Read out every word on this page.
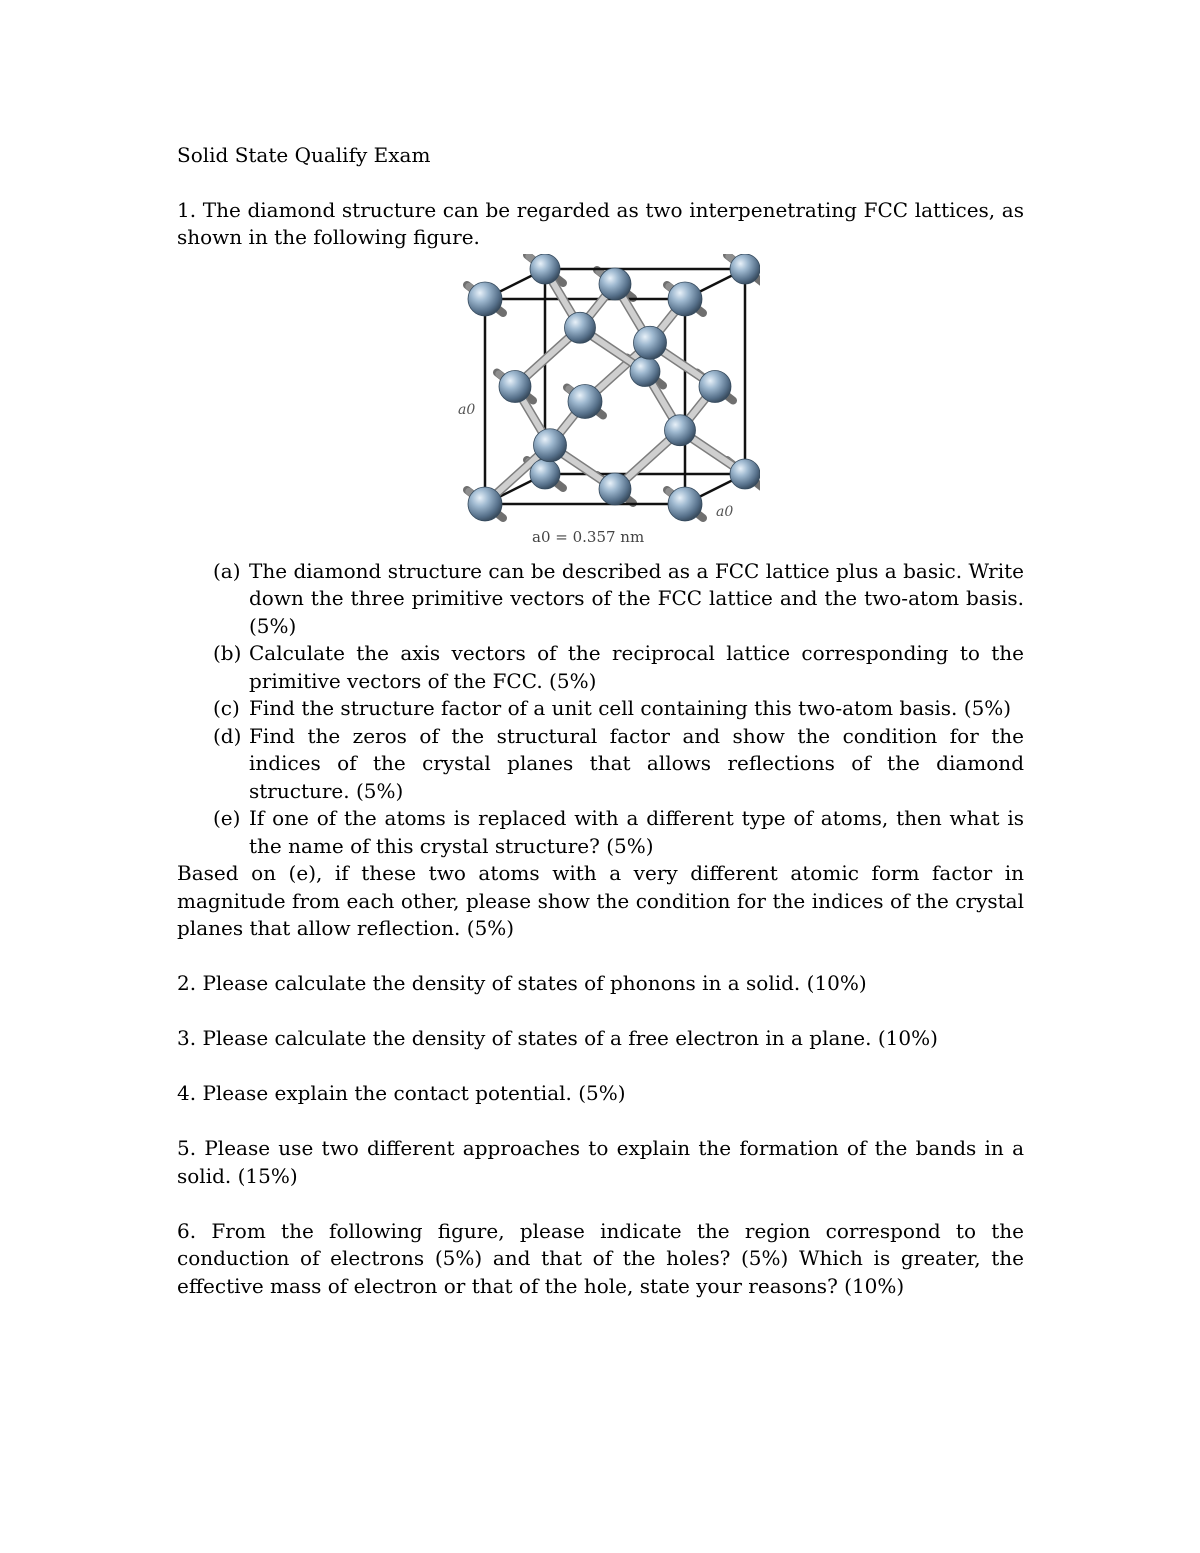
Solid State Qualify Exam

1. The diamond structure can be regarded as two interpenetrating FCC lattices, as shown in the following figure.

a0
a0
a0 = 0.357 nm
(a) The diamond structure can be described as a FCC lattice plus a basic. Write down the three primitive vectors of the FCC lattice and the two-atom basis. (5%)
(b) Calculate the axis vectors of the reciprocal lattice corresponding to the primitive vectors of the FCC. (5%)
(c) Find the structure factor of a unit cell containing this two-atom basis. (5%)
(d) Find the zeros of the structural factor and show the condition for the indices of the crystal planes that allows reflections of the diamond structure. (5%)
(e) If one of the atoms is replaced with a different type of atoms, then what is the name of this crystal structure? (5%)

Based on (e), if these two atoms with a very different atomic form factor in magnitude from each other, please show the condition for the indices of the crystal planes that allow reflection. (5%)

2. Please calculate the density of states of phonons in a solid. (10%)

3. Please calculate the density of states of a free electron in a plane. (10%)

4. Please explain the contact potential. (5%)

5. Please use two different approaches to explain the formation of the bands in a solid. (15%)

6. From the following figure, please indicate the region correspond to the conduction of electrons (5%) and that of the holes? (5%) Which is greater, the effective mass of electron or that of the hole, state your reasons? (10%)
